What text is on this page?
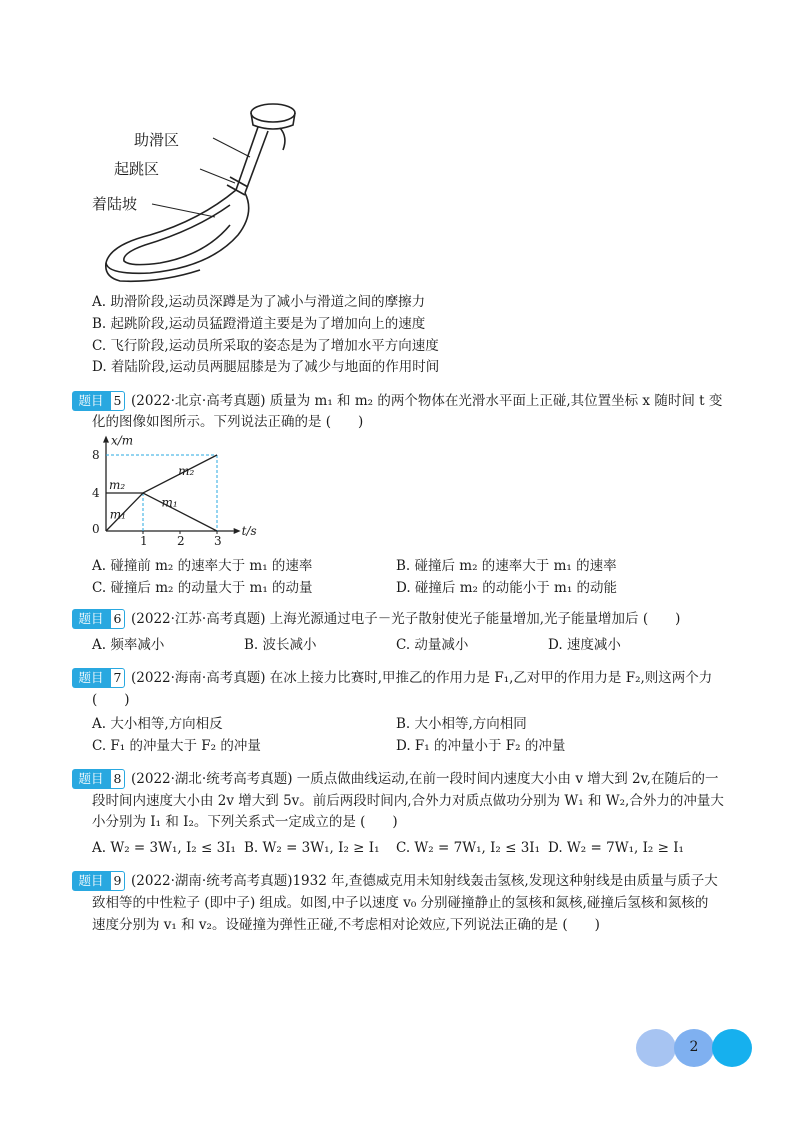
助滑区
起跳区
着陆坡
A. 助滑阶段,运动员深蹲是为了减小与滑道之间的摩擦力
B. 起跳阶段,运动员猛蹬滑道主要是为了增加向上的速度
C. 飞行阶段,运动员所采取的姿态是为了增加水平方向速度
D. 着陆阶段,运动员两腿屈膝是为了减少与地面的作用时间
题目 5 (2022·北京·高考真题) 质量为 m₁ 和 m₂ 的两个物体在光滑水平面上正碰,其位置坐标 x 随时间 t 变
化的图像如图所示。下列说法正确的是 (　　)
x/m
t/s
1 2 3
0
4
8
m₂
m₁
m₂
m₁
A. 碰撞前 m₂ 的速率大于 m₁ 的速率	B. 碰撞后 m₂ 的速率大于 m₁ 的速率
C. 碰撞后 m₂ 的动量大于 m₁ 的动量	D. 碰撞后 m₂ 的动能小于 m₁ 的动能
题目 6 (2022·江苏·高考真题) 上海光源通过电子－光子散射使光子能量增加,光子能量增加后 (　　)
A. 频率减小	B. 波长减小	C. 动量减小	D. 速度减小
题目 7 (2022·海南·高考真题) 在冰上接力比赛时,甲推乙的作用力是 F₁,乙对甲的作用力是 F₂,则这两个力
(　　)
A. 大小相等,方向相反	B. 大小相等,方向相同
C. F₁ 的冲量大于 F₂ 的冲量	D. F₁ 的冲量小于 F₂ 的冲量
题目 8 (2022·湖北·统考高考真题) 一质点做曲线运动,在前一段时间内速度大小由 v 增大到 2v,在随后的一
段时间内速度大小由 2v 增大到 5v。前后两段时间内,合外力对质点做功分别为 W₁ 和 W₂,合外力的冲量大
小分别为 I₁ 和 I₂。下列关系式一定成立的是 (　　)
A. W₂ = 3W₁, I₂ ≤ 3I₁ B. W₂ = 3W₁, I₂ ≥ I₁ C. W₂ = 7W₁, I₂ ≤ 3I₁ D. W₂ = 7W₁, I₂ ≥ I₁
题目 9 (2022·湖南·统考高考真题)1932 年,查德威克用未知射线轰击氢核,发现这种射线是由质量与质子大
致相等的中性粒子 (即中子) 组成。如图,中子以速度 v₀ 分别碰撞静止的氢核和氮核,碰撞后氢核和氮核的
速度分别为 v₁ 和 v₂。设碰撞为弹性正碰,不考虑相对论效应,下列说法正确的是 (　　)
2
